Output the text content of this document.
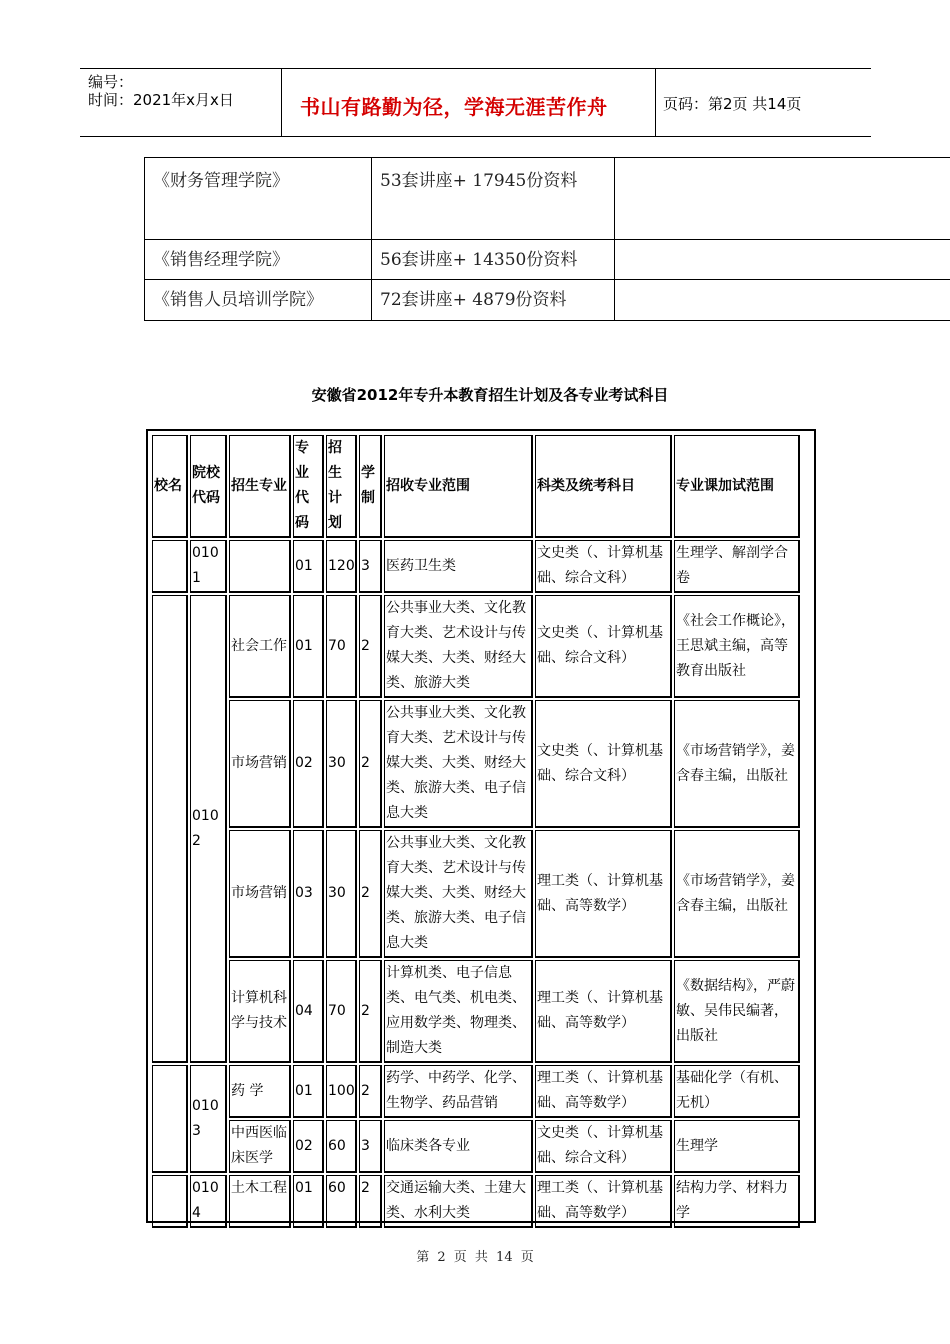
编号：
时间：2021年x月x日	书山有路勤为径，学海无涯苦作舟	页码：第2页 共14页
《财务管理学院》	53套讲座+ 17945份资料	
《销售经理学院》	56套讲座+ 14350份资料	
《销售人员培训学院》	72套讲座+ 4879份资料	
安徽省2012年专升本教育招生计划及各专业考试科目
校名	院校代码	招生专业	专业代码	招生计划	学制	招收专业范围	科类及统考科目	专业课加试范围
	0101		01	120	3	医药卫生类	文史类（、计算机基础、综合文科）	生理学、解剖学合卷
	0102	社会工作	01	70	2	公共事业大类、文化教育大类、艺术设计与传媒大类、大类、财经大类、旅游大类	文史类（、计算机基础、综合文科）	《社会工作概论》，王思斌主编，高等教育出版社
		市场营销	02	30	2	公共事业大类、文化教育大类、艺术设计与传媒大类、大类、财经大类、旅游大类、电子信息大类	文史类（、计算机基础、综合文科）	《市场营销学》，姜含春主编，出版社
		市场营销	03	30	2	公共事业大类、文化教育大类、艺术设计与传媒大类、大类、财经大类、旅游大类、电子信息大类	理工类（、计算机基础、高等数学）	《市场营销学》，姜含春主编，出版社
		计算机科学与技术	04	70	2	计算机类、电子信息类、电气类、机电类、应用数学类、物理类、制造大类	理工类（、计算机基础、高等数学）	《数据结构》，严蔚敏、吴伟民编著，出版社
	0103	药 学	01	100	2	药学、中药学、化学、生物学、药品营销	理工类（、计算机基础、高等数学）	基础化学（有机、无机）
		中西医临床医学	02	60	3	临床类各专业	文史类（、计算机基础、综合文科）	生理学
	0104	土木工程	01	60	2	交通运输大类、土建大类、水利大类	理工类（、计算机基础、高等数学）	结构力学、材料力学
第 2 页 共 14 页
